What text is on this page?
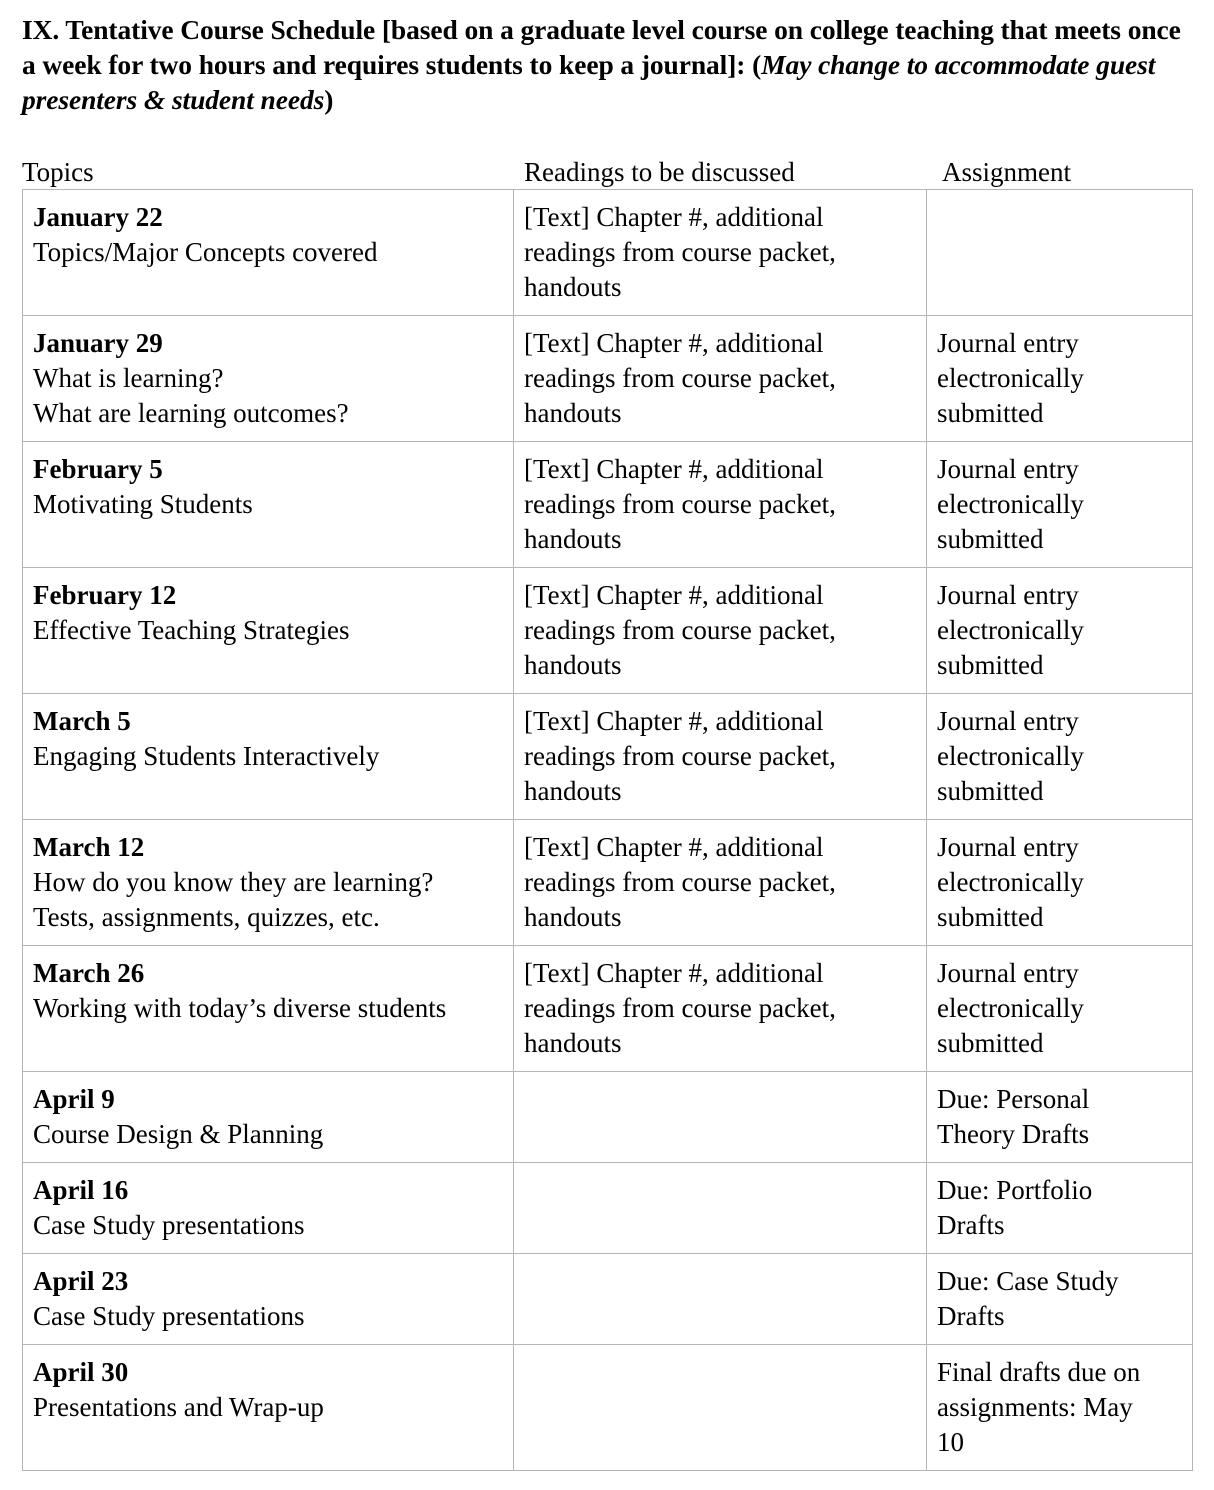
IX. Tentative Course Schedule [based on a graduate level course on college teaching that meets once a week for two hours and requires students to keep a journal]: (May change to accommodate guest presenters & student needs)

Topics	Readings to be discussed	Assignment
January 22
Topics/Major Concepts covered	[Text] Chapter #, additional
readings from course packet,
handouts	

January 29
What is learning?
What are learning outcomes?	[Text] Chapter #, additional
readings from course packet,
handouts	Journal entry
electronically
submitted

February 5
Motivating Students	[Text] Chapter #, additional
readings from course packet,
handouts	Journal entry
electronically
submitted

February 12
Effective Teaching Strategies	[Text] Chapter #, additional
readings from course packet,
handouts	Journal entry
electronically
submitted

March 5
Engaging Students Interactively	[Text] Chapter #, additional
readings from course packet,
handouts	Journal entry
electronically
submitted

March 12
How do you know they are learning?
Tests, assignments, quizzes, etc.	[Text] Chapter #, additional
readings from course packet,
handouts	Journal entry
electronically
submitted

March 26
Working with today’s diverse students	[Text] Chapter #, additional
readings from course packet,
handouts	Journal entry
electronically
submitted

April 9
Course Design & Planning		Due: Personal
Theory Drafts

April 16
Case Study presentations		Due: Portfolio
Drafts

April 23
Case Study presentations		Due: Case Study
Drafts

April 30
Presentations and Wrap-up		Final drafts due on
assignments: May
10
